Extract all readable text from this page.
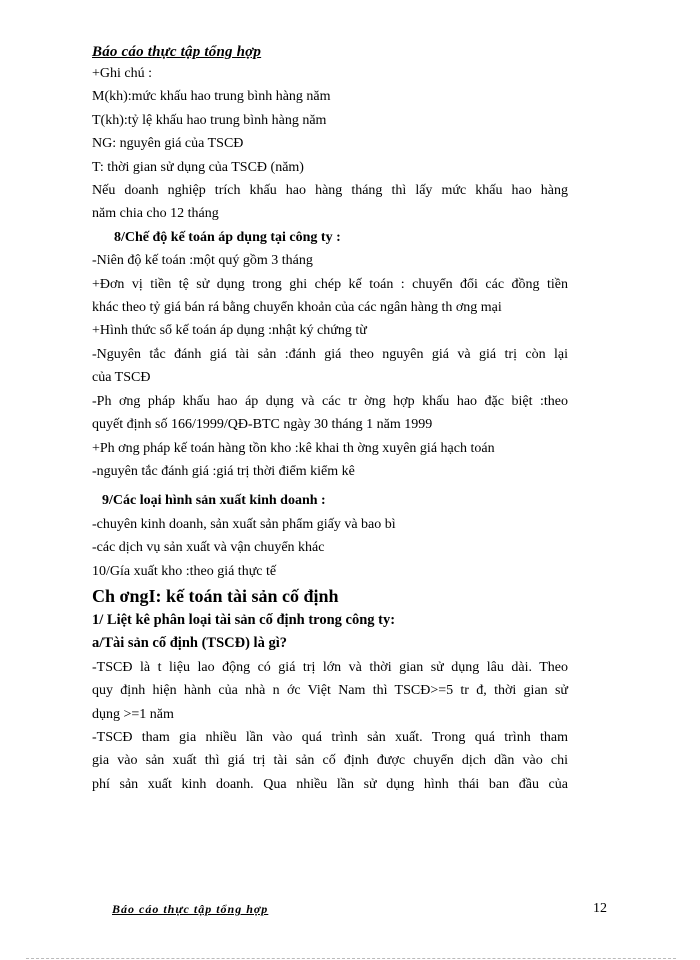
Báo cáo thực tập tổng hợp
+Ghi chú :
M(kh):mức khấu hao trung bình hàng năm
T(kh):tỷ lệ khấu hao trung bình hàng năm
NG: nguyên giá của TSCĐ
T: thời gian sử dụng của TSCĐ (năm)
Nếu doanh nghiệp trích khấu hao hàng tháng thì lấy mức khấu hao hàng
năm chia cho 12 tháng
8/Chế độ kế toán áp dụng tại công ty :
-Niên độ kế toán :một quý gồm 3 tháng
+Đơn vị tiền tệ sử dụng trong ghi chép kế toán : chuyển đổi các đồng tiền
khác theo tỷ giá bán rá bằng chuyển khoản của các ngân hàng th ơng mại
+Hình thức sổ kế toán áp dụng :nhật ký chứng từ
-Nguyên tắc đánh giá tài sản :đánh giá theo nguyên giá và giá trị còn lại
của TSCĐ
-Ph ơng pháp khấu hao áp dụng và các tr ờng hợp khấu hao đặc biệt :theo
quyết định số 166/1999/QĐ-BTC ngày 30 tháng 1 năm 1999
+Ph ơng pháp kế toán hàng tồn kho :kê khai th ờng xuyên giá hạch toán
-nguyên tắc đánh giá :giá trị thời điểm kiểm kê
9/Các loại hình sản xuất kinh doanh :
-chuyên kinh doanh, sản xuất sản phẩm giấy và bao bì
-các dịch vụ sản xuất và vận chuyển khác
10/Gía xuất kho :theo giá thực tế
Ch ơngI: kế toán tài sản cố định
1/ Liệt kê phân loại tài sản cố định trong công ty:
a/Tài sản cố định (TSCĐ) là gì?
-TSCĐ là t liệu lao động có giá trị lớn và thời gian sử dụng lâu dài. Theo
quy định hiện hành của nhà n ớc Việt Nam thì TSCĐ>=5 tr đ, thời gian sử
dụng >=1 năm
-TSCĐ tham gia nhiều lần vào quá trình sản xuất. Trong quá trình tham
gia vào sản xuất thì giá trị tài sản cố định được chuyển dịch dần vào chi
phí sản xuất kinh doanh. Qua nhiều lần sử dụng hình thái ban đầu của
Báo cáo thực tập tổng hợp	12
